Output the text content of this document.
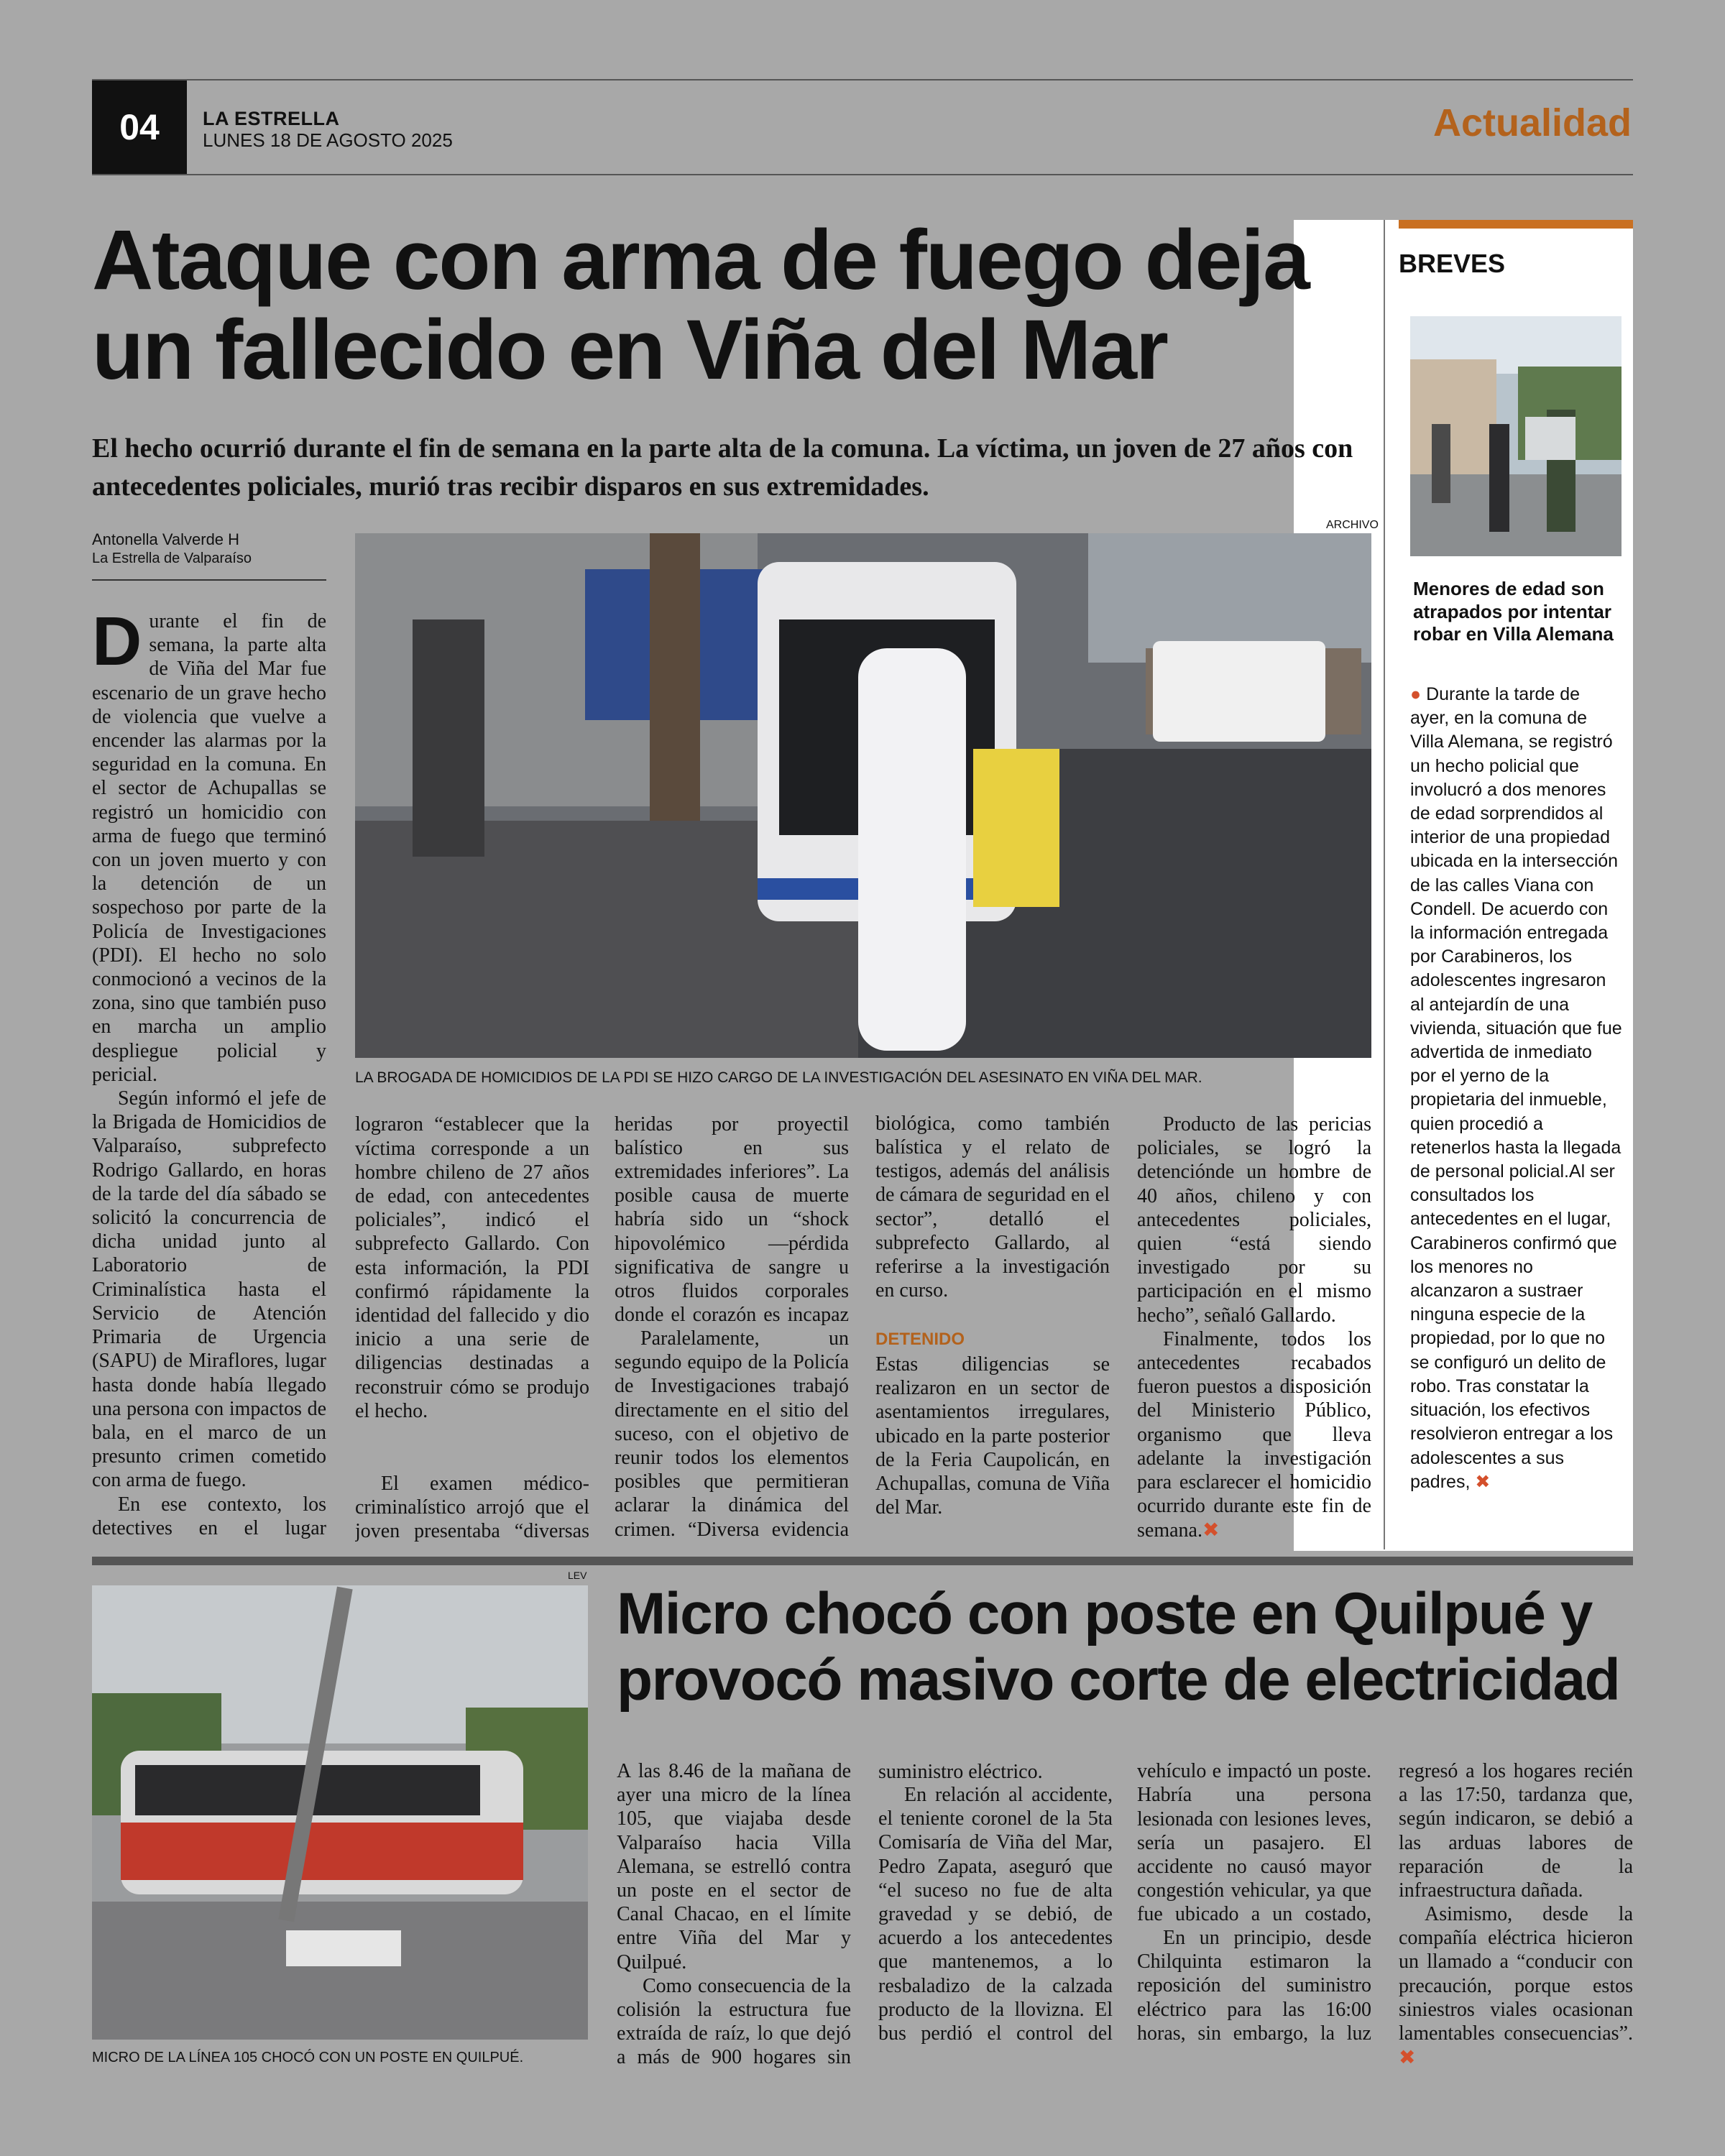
04	LA ESTRELLA
LUNES 18 DE AGOSTO 2025	Actualidad
Ataque con arma de fuego deja un fallecido en Viña del Mar
El hecho ocurrió durante el fin de semana en la parte alta de la comuna. La víctima, un joven de 27 años con antecedentes policiales, murió tras recibir disparos en sus extremidades.
Antonella Valverde H
La Estrella de Valparaíso
ARCHIVO
LA BROGADA DE HOMICIDIOS DE LA PDI SE HIZO CARGO DE LA INVESTIGACIÓN DEL ASESINATO EN VIÑA DEL MAR.
D urante el fin de semana, la parte alta de Viña del Mar fue escenario de un grave hecho de violencia que vuelve a encender las alarmas por la seguridad en la comuna. En el sector de Achupallas se registró un homicidio con arma de fuego que terminó con un joven muerto y con la detención de un sospechoso por parte de la Policía de Investigaciones (PDI). El hecho no solo conmocionó a vecinos de la zona, sino que también puso en marcha un amplio despliegue policial y pericial.

Según informó el jefe de la Brigada de Homicidios de Valparaíso, subprefecto Rodrigo Gallardo, en horas de la tarde del día sábado se solicitó la concurrencia de dicha unidad junto al Laboratorio de Criminalística hasta el Servicio de Atención Primaria de Urgencia (SAPU) de Miraflores, lugar hasta donde había llegado una persona con impactos de bala, en el marco de un presunto crimen cometido con arma de fuego.

En ese contexto, los detectives en el lugar

lograron “establecer que la víctima corresponde a un hombre chileno de 27 años de edad, con antecedentes policiales”, indicó el subprefecto Gallardo. Con esta información, la PDI confirmó rápidamente la identidad del fallecido y dio inicio a una serie de diligencias destinadas a reconstruir cómo se produjo el hecho.

El examen médico-criminalístico arrojó que el joven presentaba “diversas

heridas por proyectil balístico en sus extremidades inferiores”. La posible causa de muerte habría sido un “shock hipovolémico —pérdida significativa de sangre u otros fluidos corporales donde el corazón es incapaz

Paralelamente, un segundo equipo de la Policía de Investigaciones trabajó directamente en el sitio del suceso, con el objetivo de reunir todos los elementos posibles que permitieran aclarar la dinámica del crimen. “Diversa evidencia

biológica, como también balística y el relato de testigos, además del análisis de cámara de seguridad en el sector”, detalló el subprefecto Gallardo, al referirse a la investigación en curso.

DETENIDO

Estas diligencias se realizaron en un sector de asentamientos irregulares, ubicado en la parte posterior de la Feria Caupolicán, en Achupallas, comuna de Viña del Mar.

Producto de las pericias policiales, se logró la detenciónde un hombre de 40 años, chileno y con antecedentes policiales, quien “está siendo investigado por su participación en el mismo hecho”, señaló Gallardo.

Finalmente, todos los antecedentes recabados fueron puestos a disposición del Ministerio Público, organismo que lleva adelante la investigación para esclarecer el homicidio ocurrido durante este fin de semana.✖

BREVES
Menores de edad son atrapados por intentar robar en Villa Alemana
● Durante la tarde de ayer, en la comuna de Villa Alemana, se registró un hecho policial que involucró a dos menores de edad sorprendidos al interior de una propiedad ubicada en la intersección de las calles Viana con Condell. De acuerdo con la información entregada por Carabineros, los adolescentes ingresaron al antejardín de una vivienda, situación que fue advertida de inmediato por el yerno de la propietaria del inmueble, quien procedió a retenerlos hasta la llegada de personal policial.Al ser consultados los antecedentes en el lugar, Carabineros confirmó que los menores no alcanzaron a sustraer ninguna especie de la propiedad, por lo que no se configuró un delito de robo. Tras constatar la situación, los efectivos resolvieron entregar a los adolescentes a sus padres, ✖
LEV
MICRO DE LA LÍNEA 105 CHOCÓ CON UN POSTE EN QUILPUÉ.
Micro chocó con poste en Quilpué y provocó masivo corte de electricidad

A las 8.46 de la mañana de ayer una micro de la línea 105, que viajaba desde Valparaíso hacia Villa Alemana, se estrelló contra un poste en el sector de Canal Chacao, en el límite entre Viña del Mar y Quilpué.

Como consecuencia de la colisión la estructura fue extraída de raíz, lo que dejó a más de 900 hogares sin

suministro eléctrico.

En relación al accidente, el teniente coronel de la 5ta Comisaría de Viña del Mar, Pedro Zapata, aseguró que “el suceso no fue de alta gravedad y se debió, de acuerdo a los antecedentes que mantenemos, a lo resbaladizo de la calzada producto de la llovizna. El bus perdió el control del

vehículo e impactó un poste. Habría una persona lesionada con lesiones leves, sería un pasajero. El accidente no causó mayor congestión vehicular, ya que fue ubicado a un costado,

En un principio, desde Chilquinta estimaron la reposición del suministro eléctrico para las 16:00 horas, sin embargo, la luz

regresó a los hogares recién a las 17:50, tardanza que, según indicaron, se debió a las arduas labores de reparación de la infraestructura dañada.

Asimismo, desde la compañía eléctrica hicieron un llamado a “conducir con precaución, porque estos siniestros viales ocasionan lamentables consecuencias”. ✖
